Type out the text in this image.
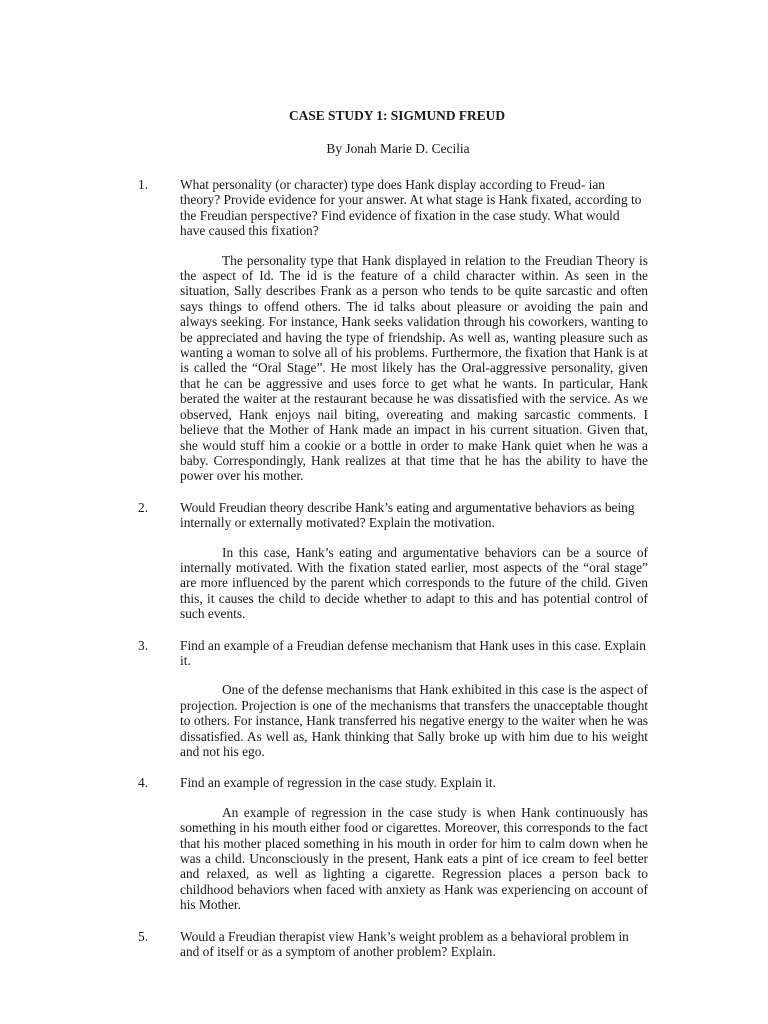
CASE STUDY 1: SIGMUND FREUD
By Jonah Marie D. Cecilia
1.	What personality (or character) type does Hank display according to Freud- ian theory? Provide evidence for your answer. At what stage is Hank fixated, according to the Freudian perspective? Find evidence of fixation in the case study. What would have caused this fixation?
The personality type that Hank displayed in relation to the Freudian Theory is the aspect of Id. The id is the feature of a child character within. As seen in the situation, Sally describes Frank as a person who tends to be quite sarcastic and often says things to offend others. The id talks about pleasure or avoiding the pain and always seeking. For instance, Hank seeks validation through his coworkers, wanting to be appreciated and having the type of friendship. As well as, wanting pleasure such as wanting a woman to solve all of his problems. Furthermore, the fixation that Hank is at is called the “Oral Stage”. He most likely has the Oral-aggressive personality, given that he can be aggressive and uses force to get what he wants. In particular, Hank berated the waiter at the restaurant because he was dissatisfied with the service. As we observed, Hank enjoys nail biting, overeating and making sarcastic comments. I believe that the Mother of Hank made an impact in his current situation. Given that, she would stuff him a cookie or a bottle in order to make Hank quiet when he was a baby. Correspondingly, Hank realizes at that time that he has the ability to have the power over his mother.
2.	Would Freudian theory describe Hank’s eating and argumentative behaviors as being internally or externally motivated? Explain the motivation.
In this case, Hank’s eating and argumentative behaviors can be a source of internally motivated. With the fixation stated earlier, most aspects of the “oral stage” are more influenced by the parent which corresponds to the future of the child. Given this, it causes the child to decide whether to adapt to this and has potential control of such events.
3.	Find an example of a Freudian defense mechanism that Hank uses in this case. Explain it.
One of the defense mechanisms that Hank exhibited in this case is the aspect of projection. Projection is one of the mechanisms that transfers the unacceptable thought to others. For instance, Hank transferred his negative energy to the waiter when he was dissatisfied. As well as, Hank thinking that Sally broke up with him due to his weight and not his ego.
4.	Find an example of regression in the case study. Explain it.
An example of regression in the case study is when Hank continuously has something in his mouth either food or cigarettes. Moreover, this corresponds to the fact that his mother placed something in his mouth in order for him to calm down when he was a child. Unconsciously in the present, Hank eats a pint of ice cream to feel better and relaxed, as well as lighting a cigarette. Regression places a person back to childhood behaviors when faced with anxiety as Hank was experiencing on account of his Mother.
5.	Would a Freudian therapist view Hank’s weight problem as a behavioral problem in and of itself or as a symptom of another problem? Explain.
